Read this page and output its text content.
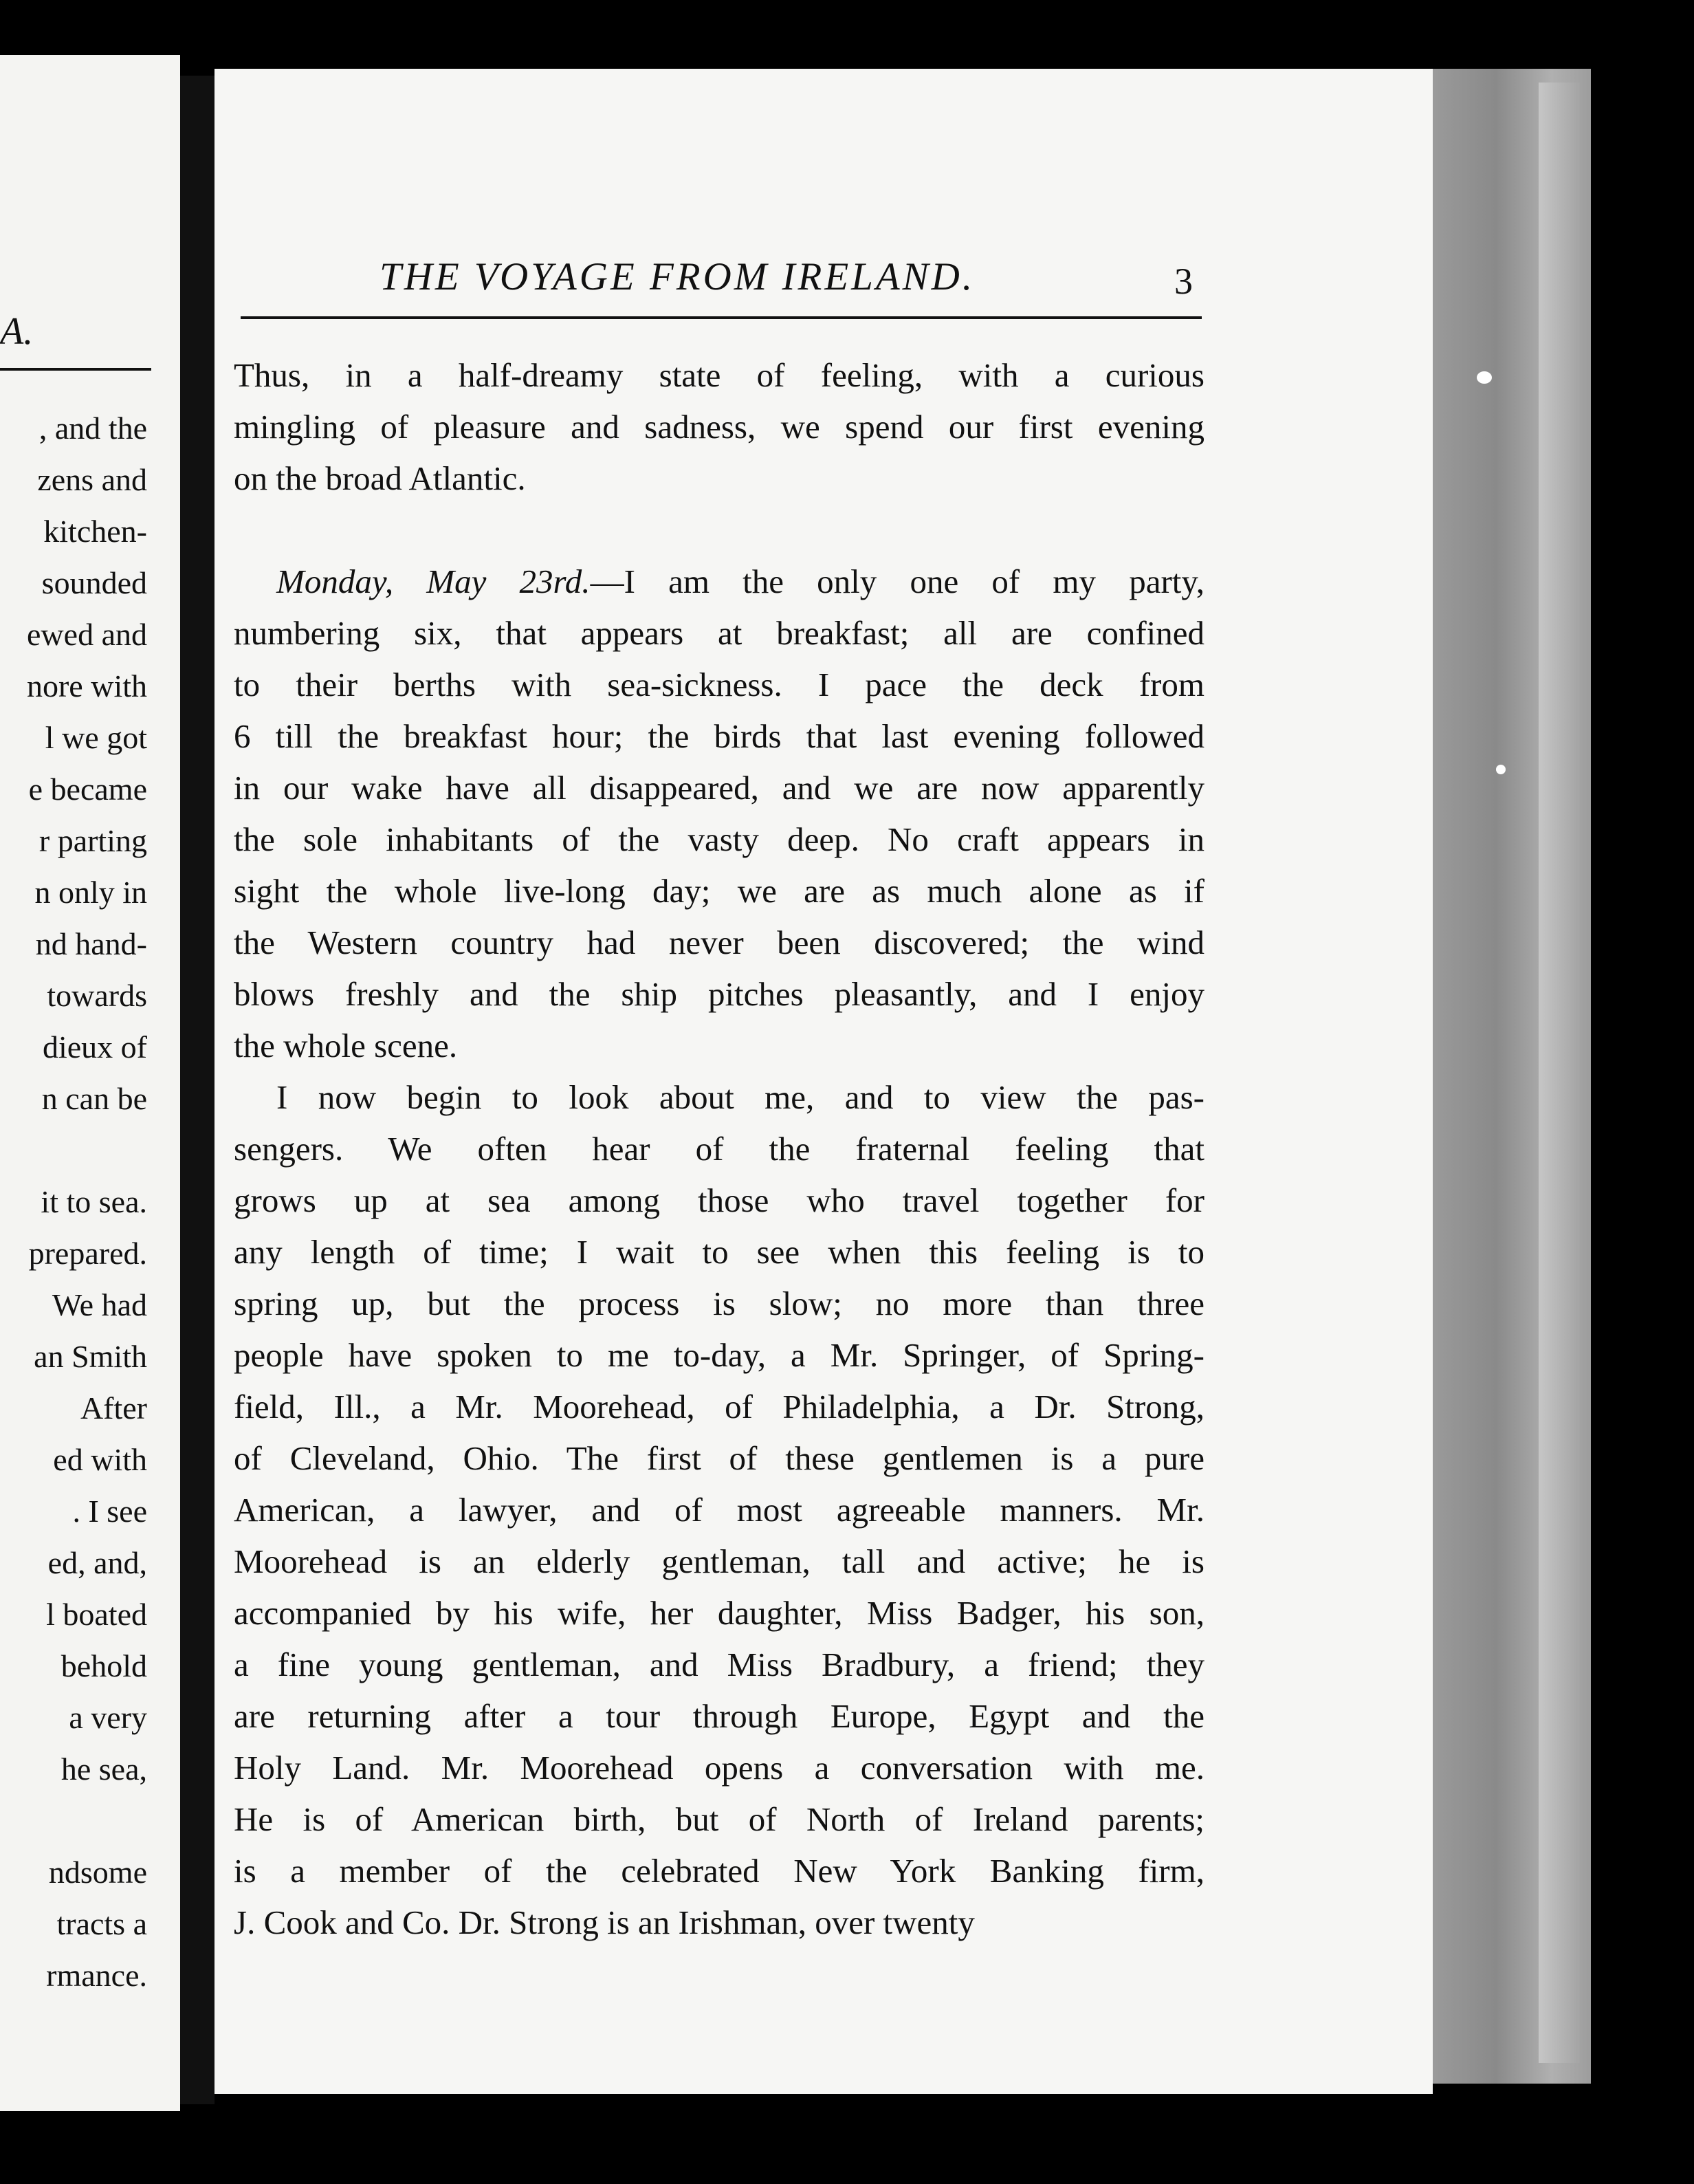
A.
, and the
zens and
kitchen-
sounded
ewed and
nore with
l we got
e became
r parting
n only in
nd hand-
towards
dieux of
n can be
it to sea.
prepared.
We had
an Smith
After
ed with
. I see
ed, and,
l boated
behold
a very
he sea,
ndsome
tracts a
rmance.
THE VOYAGE FROM IRELAND.	3
Thus, in a half-dreamy state of feeling, with a curious
mingling of pleasure and sadness, we spend our first evening
on the broad Atlantic.
Monday, May 23rd.—I am the only one of my party,
numbering six, that appears at breakfast; all are confined
to their berths with sea-sickness. I pace the deck from
6 till the breakfast hour; the birds that last evening followed
in our wake have all disappeared, and we are now apparently
the sole inhabitants of the vasty deep. No craft appears in
sight the whole live-long day; we are as much alone as if
the Western country had never been discovered; the wind
blows freshly and the ship pitches pleasantly, and I enjoy
the whole scene.
I now begin to look about me, and to view the pas-
sengers. We often hear of the fraternal feeling that
grows up at sea among those who travel together for
any length of time; I wait to see when this feeling is to
spring up, but the process is slow; no more than three
people have spoken to me to-day, a Mr. Springer, of Spring-
field, Ill., a Mr. Moorehead, of Philadelphia, a Dr. Strong,
of Cleveland, Ohio. The first of these gentlemen is a pure
American, a lawyer, and of most agreeable manners. Mr.
Moorehead is an elderly gentleman, tall and active; he is
accompanied by his wife, her daughter, Miss Badger, his son,
a fine young gentleman, and Miss Bradbury, a friend; they
are returning after a tour through Europe, Egypt and the
Holy Land. Mr. Moorehead opens a conversation with me.
He is of American birth, but of North of Ireland parents;
is a member of the celebrated New York Banking firm,
J. Cook and Co. Dr. Strong is an Irishman, over twenty
